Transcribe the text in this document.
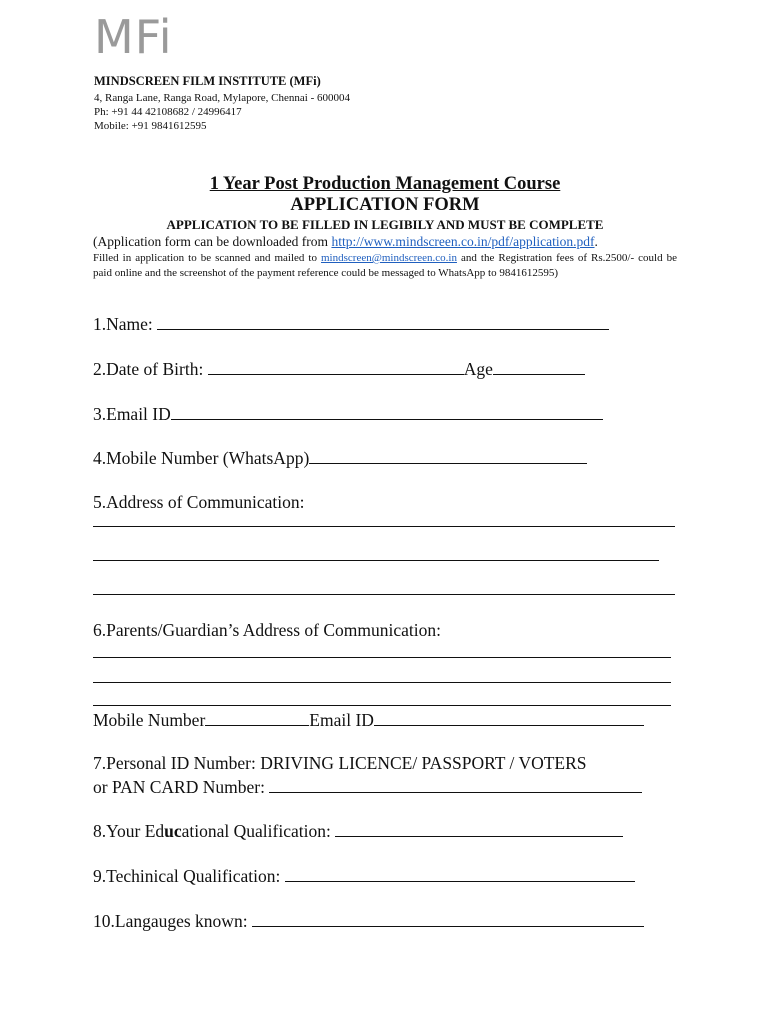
MFi
MINDSCREEN FILM INSTITUTE (MFi)
4, Ranga Lane, Ranga Road, Mylapore, Chennai - 600004
Ph: +91 44 42108682 / 24996417
Mobile: +91 9841612595
1 Year Post Production Management Course
APPLICATION FORM
APPLICATION TO BE FILLED IN LEGIBILY AND MUST BE COMPLETE
(Application form can be downloaded from http://www.mindscreen.co.in/pdf/application.pdf.
Filled in application to be scanned and mailed to mindscreen@mindscreen.co.in and the Registration fees of Rs.2500/- could be paid online and the screenshot of the payment reference could be messaged to WhatsApp to 9841612595)
1.Name:
2.Date of Birth:	Age
3.Email ID
4.Mobile Number (WhatsApp)
5.Address of Communication:
6.Parents/Guardian’s Address of Communication:
Mobile Number	Email ID
7.Personal ID Number: DRIVING LICENCE/ PASSPORT / VOTERS
or PAN CARD Number:
8.Your Educational Qualification:
9.Techinical Qualification:
10.Langauges known:
